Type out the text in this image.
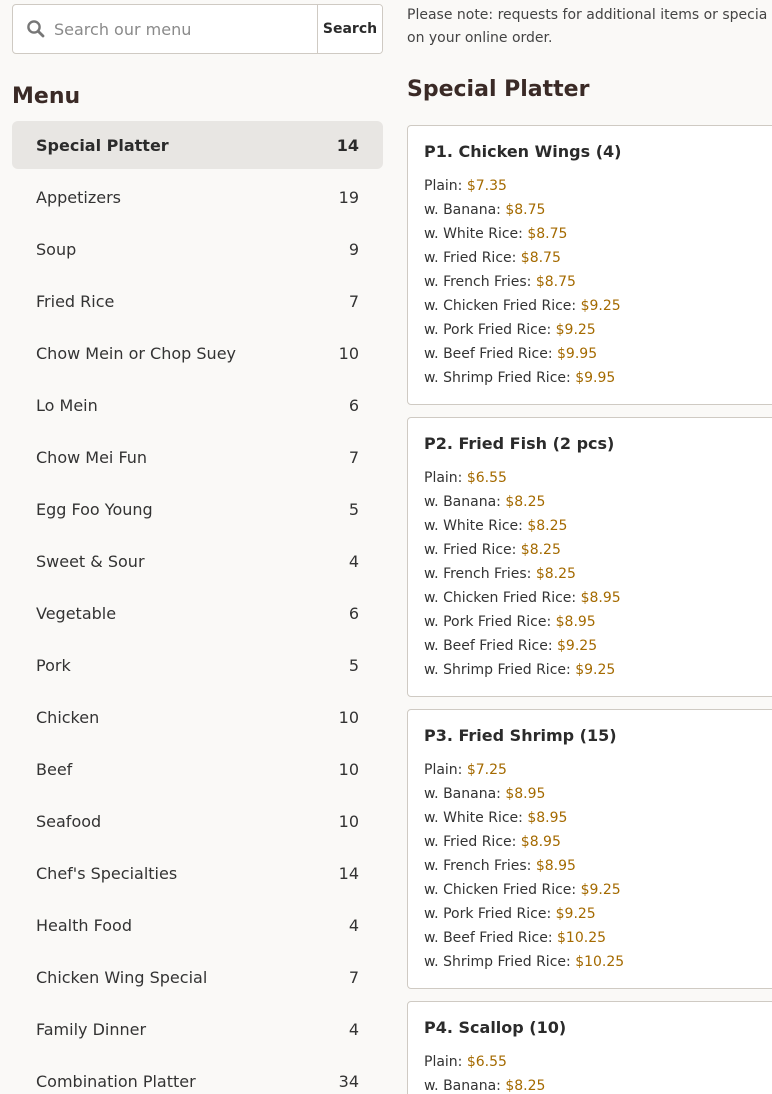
Search our menu
Search
Menu
Special Platter	14
Appetizers	19
Soup	9
Fried Rice	7
Chow Mein or Chop Suey	10
Lo Mein	6
Chow Mei Fun	7
Egg Foo Young	5
Sweet & Sour	4
Vegetable	6
Pork	5
Chicken	10
Beef	10
Seafood	10
Chef's Specialties	14
Health Food	4
Chicken Wing Special	7
Family Dinner	4
Combination Platter	34

Please note: requests for additional items or specia
on your online order.

Special Platter
P1. Chicken Wings (4)
Plain: $7.35
w. Banana: $8.75
w. White Rice: $8.75
w. Fried Rice: $8.75
w. French Fries: $8.75
w. Chicken Fried Rice: $9.25
w. Pork Fried Rice: $9.25
w. Beef Fried Rice: $9.95
w. Shrimp Fried Rice: $9.95
P2. Fried Fish (2 pcs)
Plain: $6.55
w. Banana: $8.25
w. White Rice: $8.25
w. Fried Rice: $8.25
w. French Fries: $8.25
w. Chicken Fried Rice: $8.95
w. Pork Fried Rice: $8.95
w. Beef Fried Rice: $9.25
w. Shrimp Fried Rice: $9.25
P3. Fried Shrimp (15)
Plain: $7.25
w. Banana: $8.95
w. White Rice: $8.95
w. Fried Rice: $8.95
w. French Fries: $8.95
w. Chicken Fried Rice: $9.25
w. Pork Fried Rice: $9.25
w. Beef Fried Rice: $10.25
w. Shrimp Fried Rice: $10.25
P4. Scallop (10)
Plain: $6.55
w. Banana: $8.25
